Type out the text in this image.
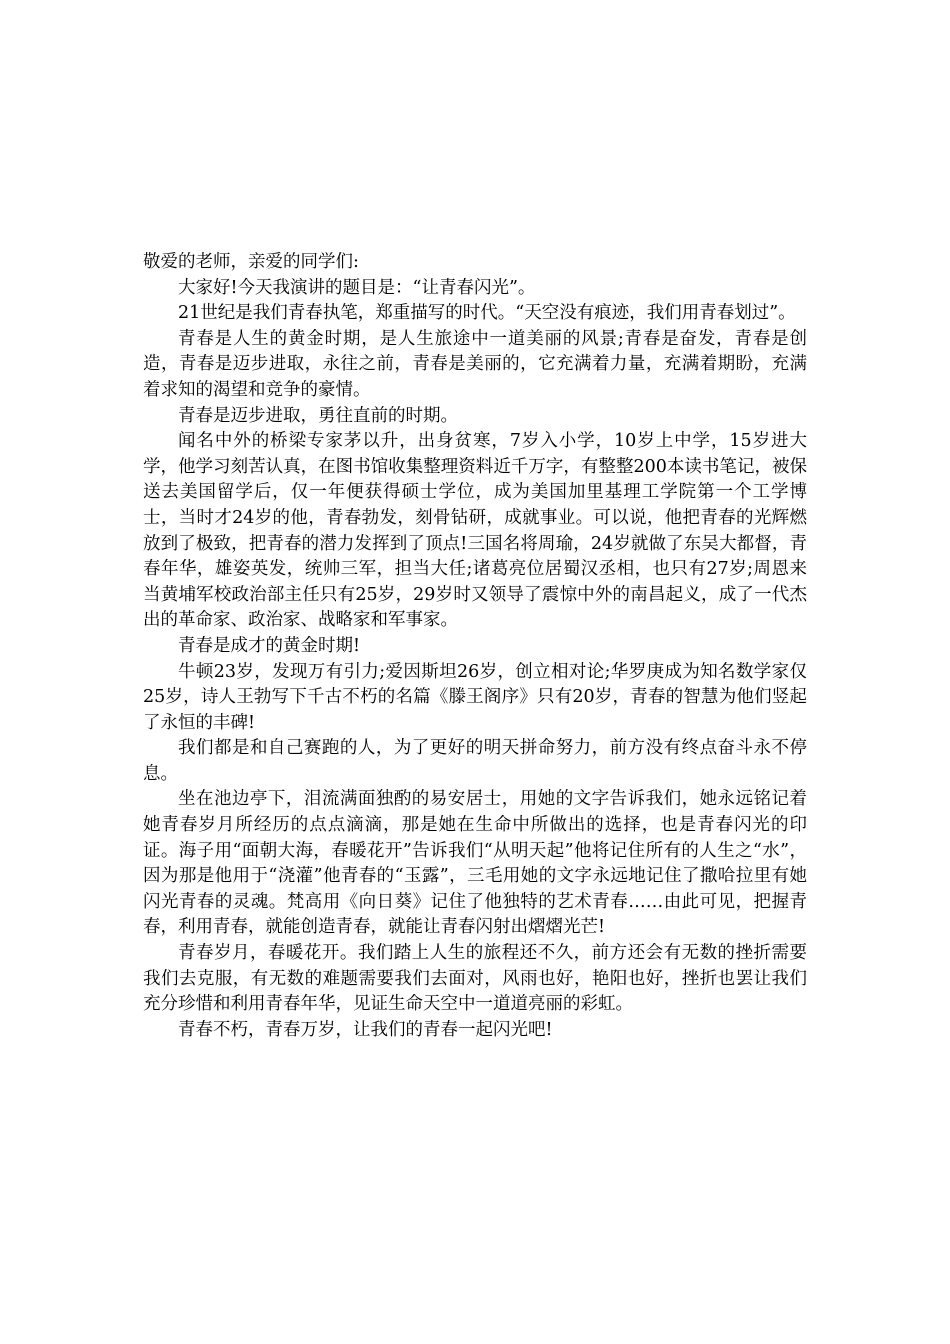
敬爱的老师，亲爱的同学们:

大家好!今天我演讲的题目是：“让青春闪光”。

21世纪是我们青春执笔，郑重描写的时代。“天空没有痕迹，我们用青春划过”。

青春是人生的黄金时期，是人生旅途中一道美丽的风景;青春是奋发，青春是创造，青春是迈步进取，永往之前，青春是美丽的，它充满着力量，充满着期盼，充满着求知的渴望和竞争的豪情。

青春是迈步进取，勇往直前的时期。

闻名中外的桥梁专家茅以升，出身贫寒，7岁入小学，10岁上中学，15岁进大学，他学习刻苦认真，在图书馆收集整理资料近千万字，有整整200本读书笔记，被保送去美国留学后，仅一年便获得硕士学位，成为美国加里基理工学院第一个工学博士，当时才24岁的他，青春勃发，刻骨钻研，成就事业。可以说，他把青春的光辉燃放到了极致，把青春的潜力发挥到了顶点!三国名将周瑜，24岁就做了东吴大都督，青春年华，雄姿英发，统帅三军，担当大任;诸葛亮位居蜀汉丞相，也只有27岁;周恩来当黄埔军校政治部主任只有25岁，29岁时又领导了震惊中外的南昌起义，成了一代杰出的革命家、政治家、战略家和军事家。

青春是成才的黄金时期!

牛顿23岁，发现万有引力;爱因斯坦26岁，创立相对论;华罗庚成为知名数学家仅25岁，诗人王勃写下千古不朽的名篇《滕王阁序》只有20岁，青春的智慧为他们竖起了永恒的丰碑!

我们都是和自己赛跑的人，为了更好的明天拼命努力，前方没有终点奋斗永不停息。

坐在池边亭下，泪流满面独酌的易安居士，用她的文字告诉我们，她永远铭记着她青春岁月所经历的点点滴滴，那是她在生命中所做出的选择，也是青春闪光的印证。海子用“面朝大海，春暖花开”告诉我们“从明天起”他将记住所有的人生之“水”，因为那是他用于“浇灌”他青春的“玉露”，三毛用她的文字永远地记住了撒哈拉里有她闪光青春的灵魂。梵高用《向日葵》记住了他独特的艺术青春……由此可见，把握青春，利用青春，就能创造青春，就能让青春闪射出熠熠光芒!

青春岁月，春暖花开。我们踏上人生的旅程还不久，前方还会有无数的挫折需要我们去克服，有无数的难题需要我们去面对，风雨也好，艳阳也好，挫折也罢让我们充分珍惜和利用青春年华，见证生命天空中一道道亮丽的彩虹。

青春不朽，青春万岁，让我们的青春一起闪光吧!
